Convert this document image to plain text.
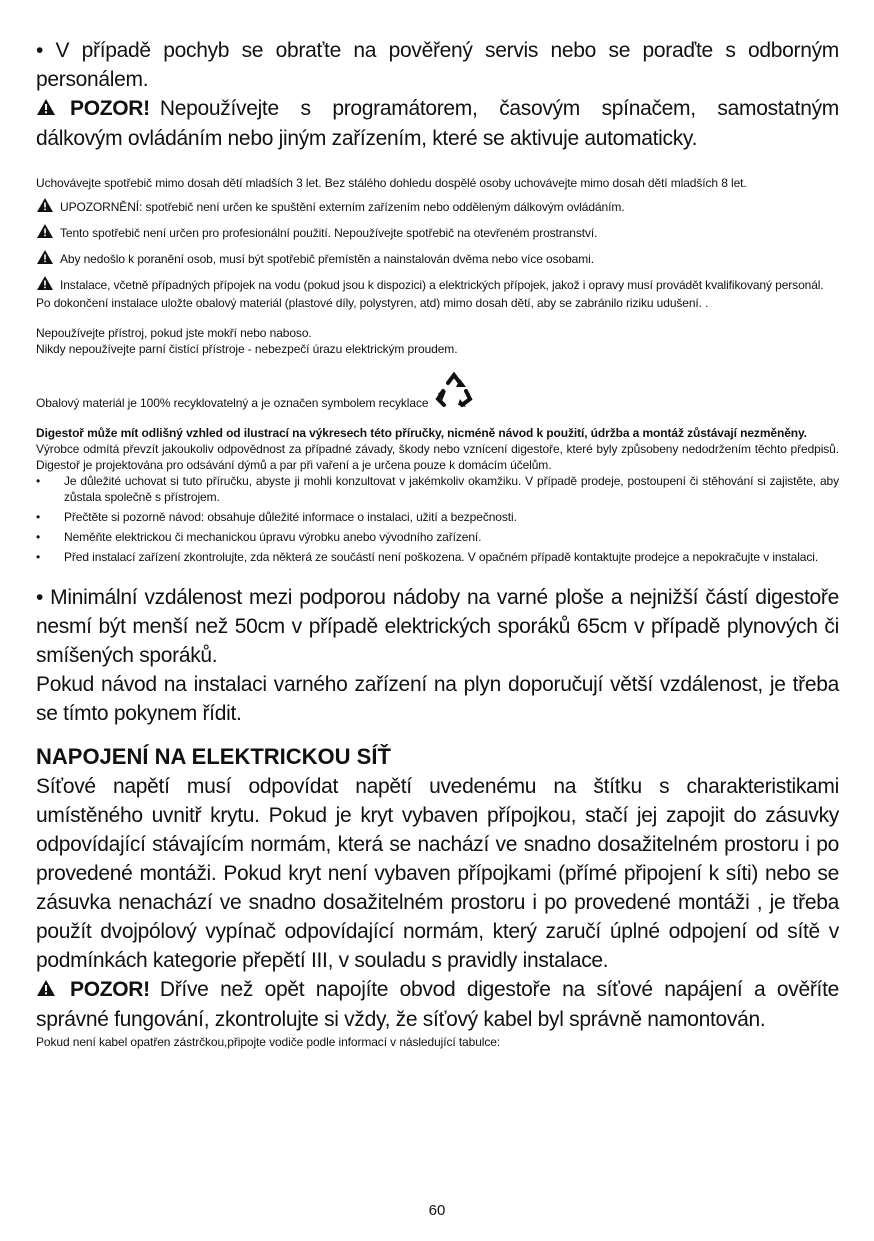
• V případě pochyb se obraťte na pověřený servis nebo se poraďte s odborným personálem.

POZOR! Nepoužívejte s programátorem, časovým spínačem, samostatným dálkovým ovládáním nebo jiným zařízením, které se aktivuje automaticky.

Uchovávejte spotřebič mimo dosah dětí mladších 3 let. Bez stálého dohledu dospělé osoby uchovávejte mimo dosah dětí mladších 8 let.

UPOZORNĚNÍ: spotřebič není určen ke spuštění externím zařízením nebo odděleným dálkovým ovládáním.

Tento spotřebič není určen pro profesionální použití. Nepoužívejte spotřebič na otevřeném prostranství.

Aby nedošlo k poranění osob, musí být spotřebič přemístěn a nainstalován dvěma nebo více osobami.

Instalace, včetně případných přípojek na vodu (pokud jsou k dispozici) a elektrických přípojek, jakož i opravy musí provádět kvalifikovaný personál.

Po dokončení instalace uložte obalový materiál (plastové díly, polystyren, atd) mimo dosah dětí, aby se zabránilo riziku udušení. .

Nepoužívejte přístroj, pokud jste mokří nebo naboso.

Nikdy nepoužívejte parní čistící přístroje - nebezpečí úrazu elektrickým proudem.

Obalový materiál je 100% recyklovatelný a je označen symbolem recyklace

Digestoř může mít odlišný vzhled od ilustrací na výkresech této příručky, nicméně návod k použití, údržba a montáž zůstávají nezměněny.

Výrobce odmítá převzít jakoukoliv odpovědnost za případné závady, škody nebo vznícení digestoře, které byly způsobeny nedodržením těchto předpisů. Digestoř je projektována pro odsávání dýmů a par při vaření a je určena pouze k domácím účelům.

• Je důležité uchovat si tuto příručku, abyste ji mohli konzultovat v jakémkoliv okamžiku. V případě prodeje, postoupení či stěhování si zajistěte, aby zůstala společně s přístrojem.
• Přečtěte si pozorně návod: obsahuje důležité informace o instalaci, užití a bezpečnosti.
• Neměňte elektrickou či mechanickou úpravu výrobku anebo vývodního zařízení.
• Před instalací zařízení zkontrolujte, zda některá ze součástí není poškozena. V opačném případě kontaktujte prodejce a nepokračujte v instalaci.

• Minimální vzdálenost mezi podporou nádoby na varné ploše a nejnižší částí digestoře nesmí být menší než 50cm v případě elektrických sporáků 65cm v případě plynových či smíšených sporáků.

Pokud návod na instalaci varného zařízení na plyn doporučují větší vzdálenost, je třeba se tímto pokynem řídit.

NAPOJENÍ NA ELEKTRICKOU SÍŤ

Síťové napětí musí odpovídat napětí uvedenému na štítku s charakteristikami umístěného uvnitř krytu. Pokud je kryt vybaven přípojkou, stačí jej zapojit do zásuvky odpovídající stávajícím normám, která se nachází ve snadno dosažitelném prostoru i po provedené montáži. Pokud kryt není vybaven přípojkami (přímé připojení k síti) nebo se zásuvka nenachází ve snadno dosažitelném prostoru i po provedené montáži , je třeba použít dvojpólový vypínač odpovídající normám, který zaručí úplné odpojení od sítě v podmínkách kategorie přepětí III, v souladu s pravidly instalace.

POZOR! Dříve než opět napojíte obvod digestoře na síťové napájení a ověříte správné fungování, zkontrolujte si vždy, že síťový kabel byl správně namontován.

Pokud není kabel opatřen zástrčkou,připojte vodiče podle informací v následující tabulce:

60
